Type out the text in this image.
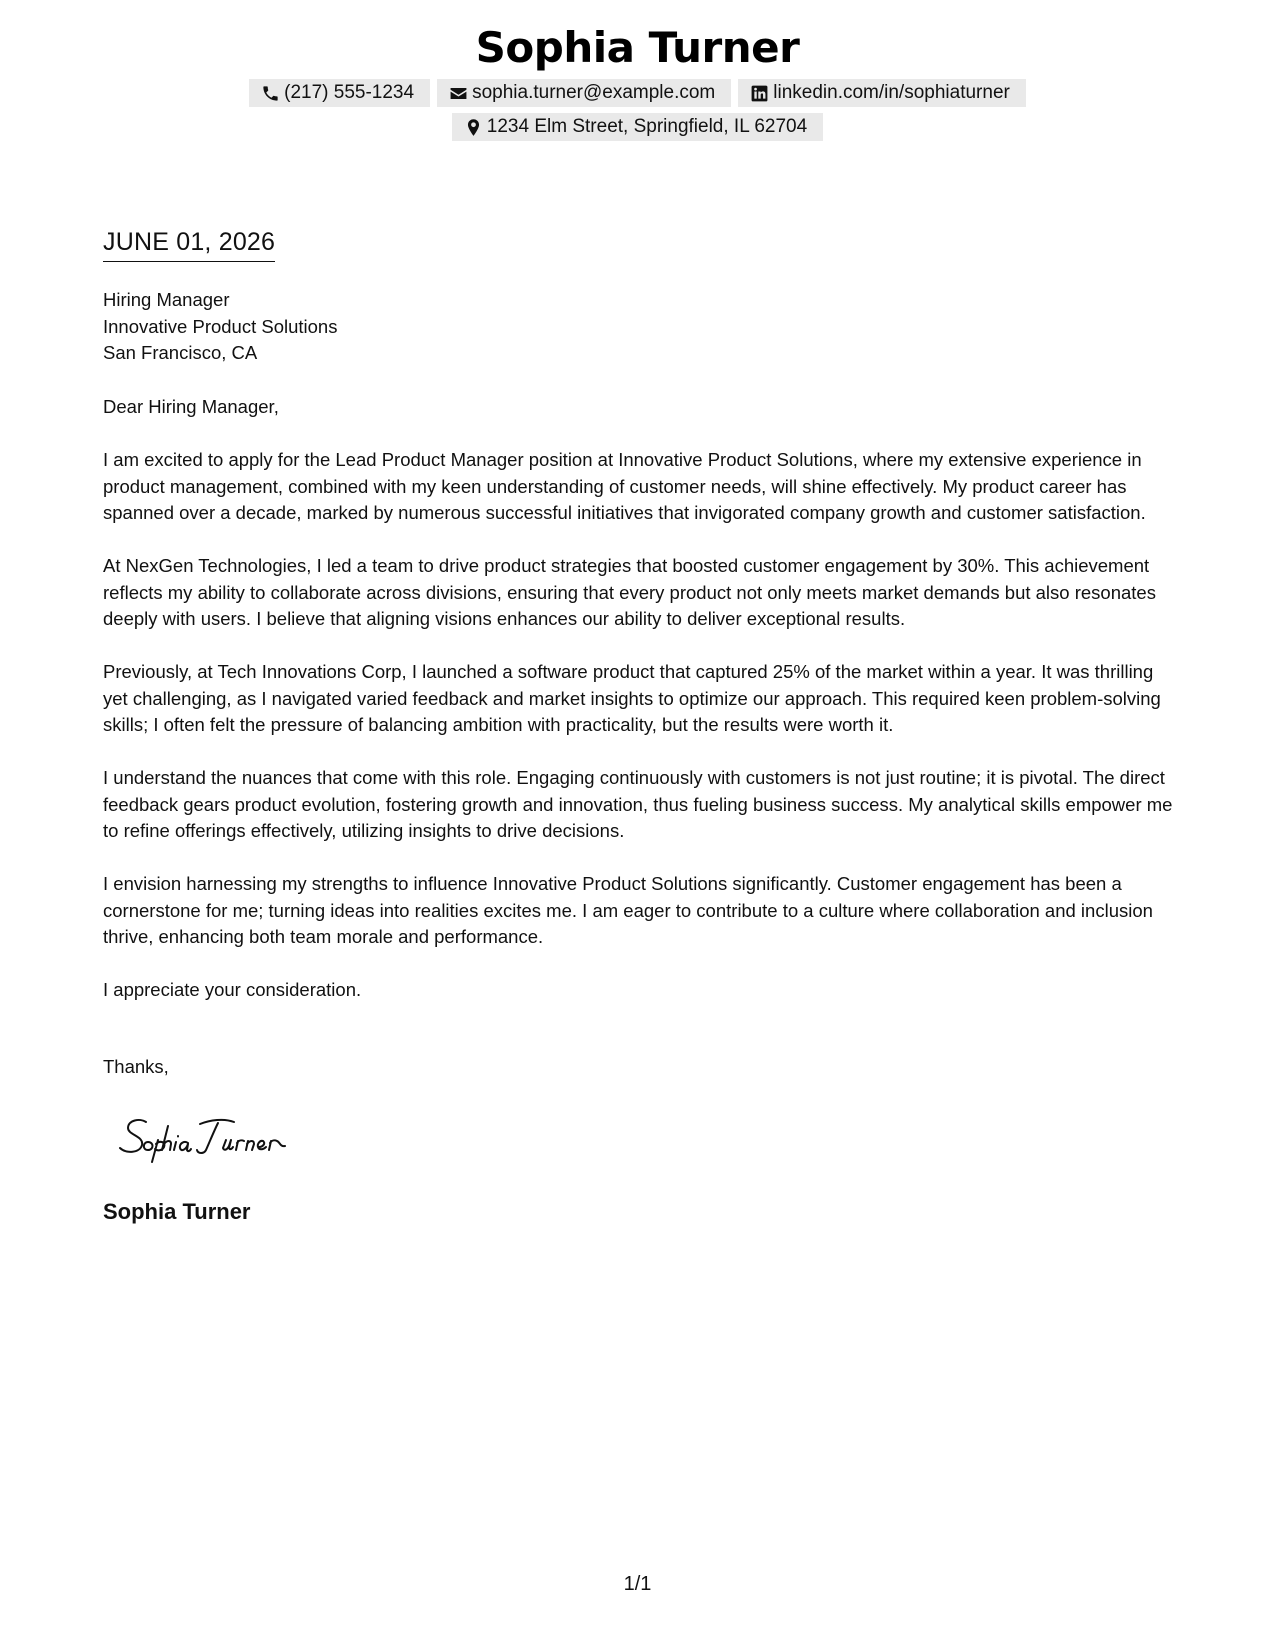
Sophia Turner
(217) 555-1234	sophia.turner@example.com	linkedin.com/in/sophiaturner
1234 Elm Street, Springfield, IL 62704
JUNE 01, 2026
Hiring Manager
Innovative Product Solutions
San Francisco, CA

Dear Hiring Manager,

I am excited to apply for the Lead Product Manager position at Innovative Product Solutions, where my extensive experience in product management, combined with my keen understanding of customer needs, will shine effectively. My product career has spanned over a decade, marked by numerous successful initiatives that invigorated company growth and customer satisfaction.

At NexGen Technologies, I led a team to drive product strategies that boosted customer engagement by 30%. This achievement reflects my ability to collaborate across divisions, ensuring that every product not only meets market demands but also resonates deeply with users. I believe that aligning visions enhances our ability to deliver exceptional results.

Previously, at Tech Innovations Corp, I launched a software product that captured 25% of the market within a year. It was thrilling yet challenging, as I navigated varied feedback and market insights to optimize our approach. This required keen problem-solving skills; I often felt the pressure of balancing ambition with practicality, but the results were worth it.

I understand the nuances that come with this role. Engaging continuously with customers is not just routine; it is pivotal. The direct feedback gears product evolution, fostering growth and innovation, thus fueling business success. My analytical skills empower me to refine offerings effectively, utilizing insights to drive decisions.

I envision harnessing my strengths to influence Innovative Product Solutions significantly. Customer engagement has been a cornerstone for me; turning ideas into realities excites me. I am eager to contribute to a culture where collaboration and inclusion thrive, enhancing both team morale and performance.

I appreciate your consideration.

Thanks,
Sophia Turner
1/1
